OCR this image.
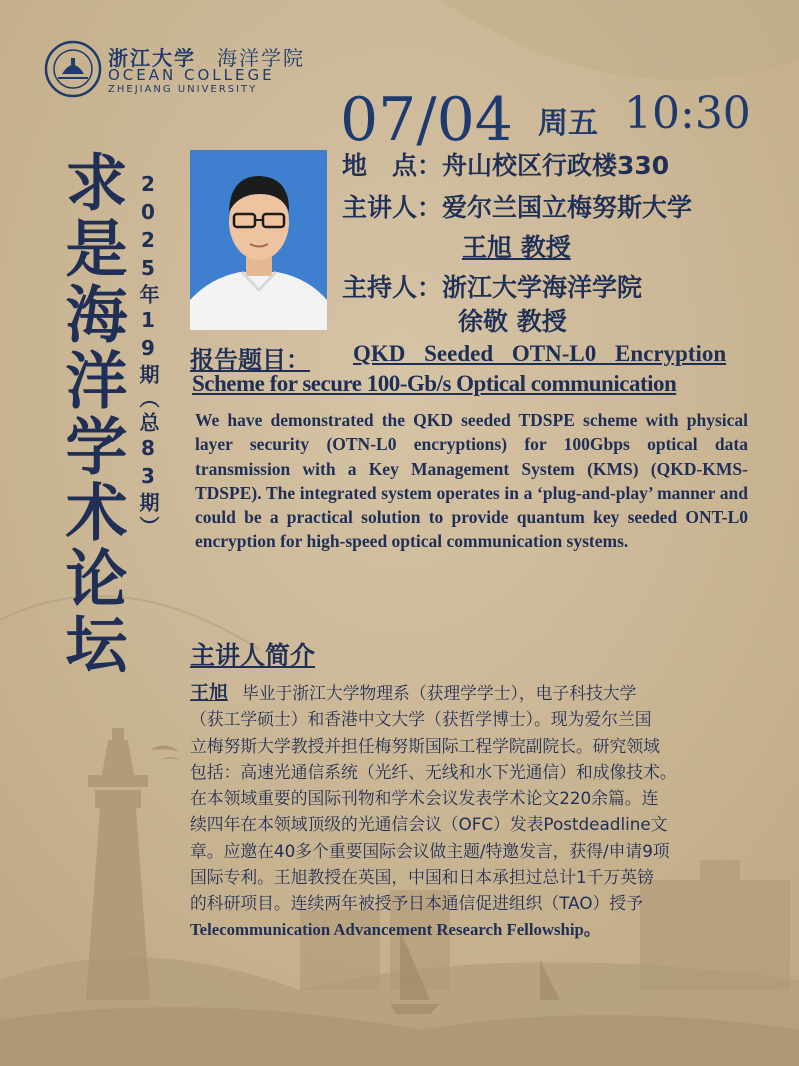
浙江大学 海洋学院
OCEAN COLLEGE
ZHEJIANG UNIVERSITY
求是海洋学术论坛 2025年19期（总83期）
07/04 周五 10:30
地　点：舟山校区行政楼330
主讲人：爱尔兰国立梅努斯大学
王旭 教授
主持人：浙江大学海洋学院
徐敬 教授
报告题目： QKD Seeded OTN-L0 Encryption
Scheme for secure 100-Gb/s Optical communication
We have demonstrated the QKD seeded TDSPE scheme with physical layer security (OTN-L0 encryptions) for 100Gbps optical data transmission with a Key Management System (KMS) (QKD-KMS-TDSPE). The integrated system operates in a ‘plug-and-play’ manner and could be a practical solution to provide quantum key seeded ONT-L0 encryption for high-speed optical communication systems.
主讲人简介
王旭 毕业于浙江大学物理系（获理学学士），电子科技大学
（获工学硕士）和香港中文大学（获哲学博士）。现为爱尔兰国
立梅努斯大学教授并担任梅努斯国际工程学院副院长。研究领域
包括：高速光通信系统（光纤、无线和水下光通信）和成像技术。
在本领域重要的国际刊物和学术会议发表学术论文220余篇。连
续四年在本领域顶级的光通信会议（OFC）发表Postdeadline文
章。应邀在40多个重要国际会议做主题/特邀发言，获得/申请9项
国际专利。王旭教授在英国，中国和日本承担过总计1千万英镑
的科研项目。连续两年被授予日本通信促进组织（TAO）授予
Telecommunication Advancement Research Fellowship。
